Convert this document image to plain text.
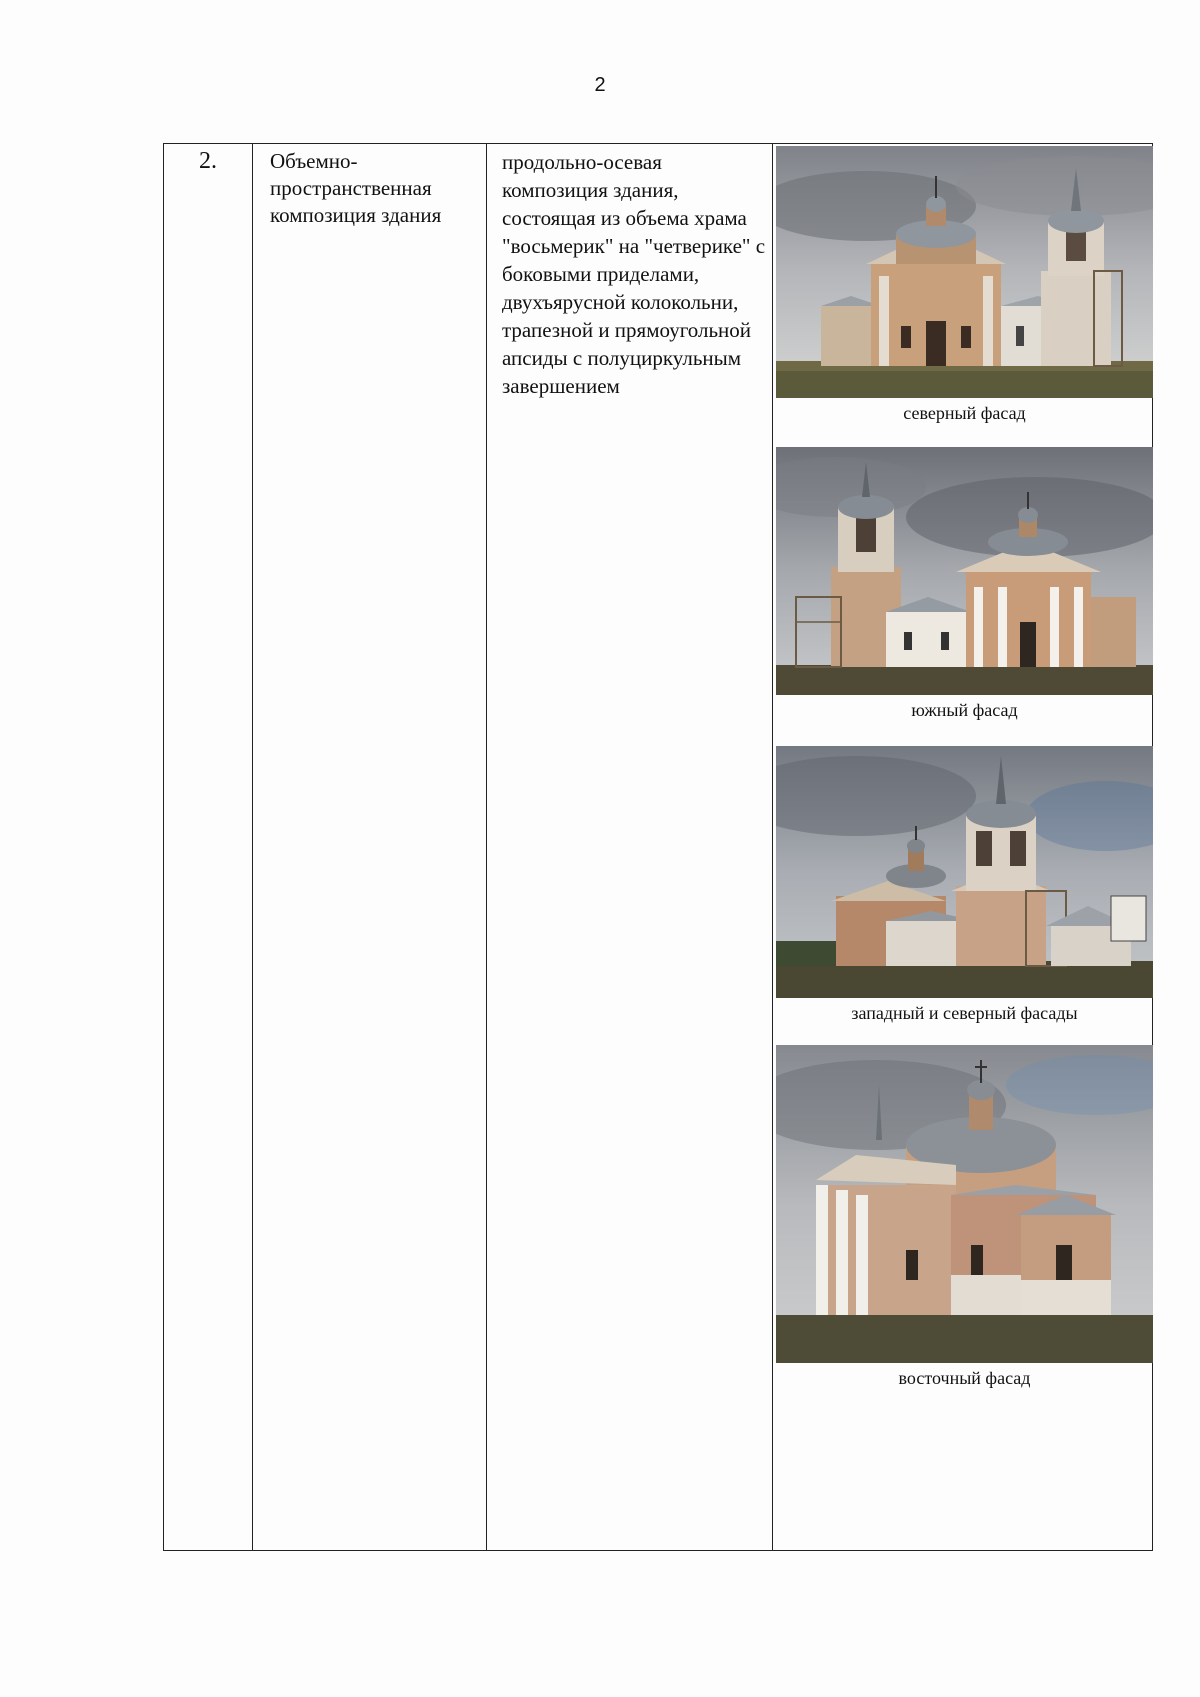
2
2.	Объемно-пространственная композиция здания	продольно-осевая композиция здания, состоящая из объема храма "восьмерик" на "четверике" с боковыми приделами, двухъярусной колокольни, трапезной и прямоугольной апсиды с полуциркульным завершением	
северный фасад
южный фасад
западный и северный фасады
восточный фасад
